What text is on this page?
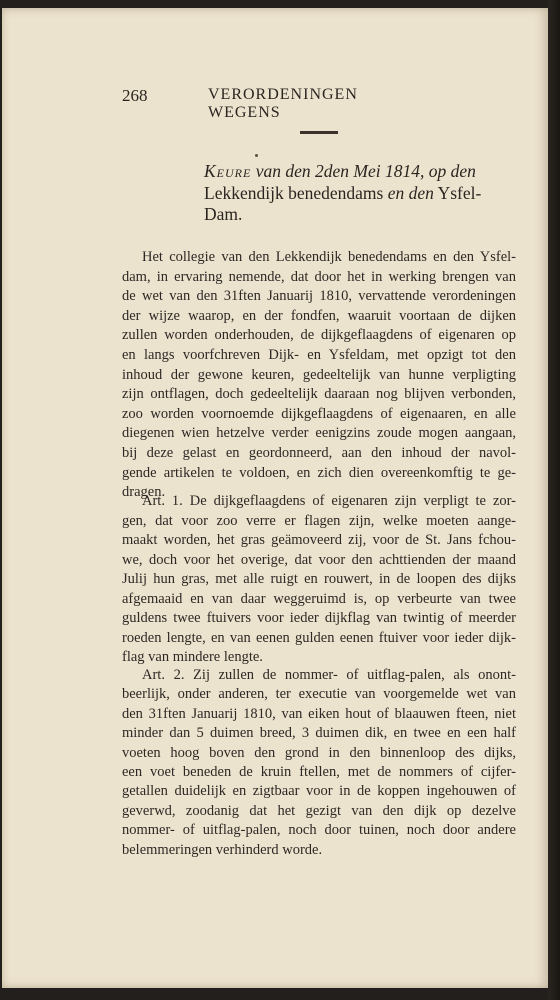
268	VERORDENINGEN WEGENS
Keure van den 2den Mei 1814, op den
Lekkendijk benedendams en den Ysfel-
Dam.
Het collegie van den Lekkendijk benedendams en den Ysfel-
dam, in ervaring nemende, dat door het in werking brengen van
de wet van den 31ften Januarij 1810, vervattende verordeningen
der wijze waarop, en der fondfen, waaruit voortaan de dijken
zullen worden onderhouden, de dijkgeflaagdens of eigenaren op
en langs voorfchreven Dijk- en Ysfeldam, met opzigt tot den
inhoud der gewone keuren, gedeeltelijk van hunne verpligting
zijn ontflagen, doch gedeeltelijk daaraan nog blijven verbonden,
zoo worden voornoemde dijkgeflaagdens of eigenaaren, en alle
diegenen wien hetzelve verder eenigzins zoude mogen aangaan,
bij deze gelast en geordonneerd, aan den inhoud der navol-
gende artikelen te voldoen, en zich dien overeenkomftig te ge-
dragen.
Art. 1. De dijkgeflaagdens of eigenaren zijn verpligt te zor-
gen, dat voor zoo verre er flagen zijn, welke moeten aange-
maakt worden, het gras geämoveerd zij, voor de St. Jans fchou-
we, doch voor het overige, dat voor den achttienden der maand
Julij hun gras, met alle ruigt en rouwert, in de loopen des dijks
afgemaaid en van daar weggeruimd is, op verbeurte van twee
guldens twee ftuivers voor ieder dijkflag van twintig of meerder
roeden lengte, en van eenen gulden eenen ftuiver voor ieder dijk-
flag van mindere lengte.
Art. 2. Zij zullen de nommer- of uitflag-palen, als onont-
beerlijk, onder anderen, ter executie van voorgemelde wet van
den 31ften Januarij 1810, van eiken hout of blaauwen fteen, niet
minder dan 5 duimen breed, 3 duimen dik, en twee en een half
voeten hoog boven den grond in den binnenloop des dijks,
een voet beneden de kruin ftellen, met de nommers of cijfer-
getallen duidelijk en zigtbaar voor in de koppen ingehouwen of
geverwd, zoodanig dat het gezigt van den dijk op dezelve
nommer- of uitflag-palen, noch door tuinen, noch door andere
belemmeringen verhinderd worde.
